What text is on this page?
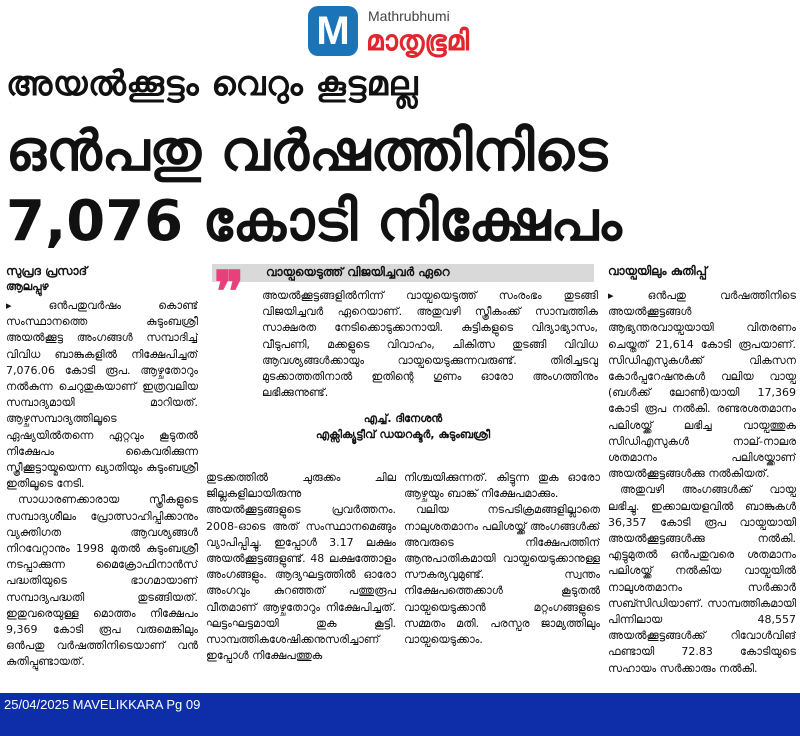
M	Mathrubhumi
മാതൃഭൂമി
അയൽക്കൂട്ടം വെറും കൂട്ടമല്ല
ഒൻപതു വർഷത്തിനിടെ
7,076 കോടി നിക്ഷേപം
സുപ്രദ പ്രസാദ്
ആലപ്പുഴ

▸ ഒൻപതുവർഷം കൊണ്ട് സംസ്ഥാനത്തെ കുടുംബശ്രീ അയൽക്കൂട്ട അംഗങ്ങൾ സമ്പാദിച്ച് വിവിധ ബാങ്കുകളിൽ നിക്ഷേപിച്ചത് 7,076.06 കോടി രൂപ. ആഴ്ചതോറും നൽകുന്ന ചെറുതുകയാണ് ഇത്രവലിയ സമ്പാദ്യമായി മാറിയത്. ആഴ്ചസമ്പാദ്യത്തിലൂടെ ഏഷ്യയിൽതന്നെ ഏറ്റവും കൂടുതൽ നിക്ഷേപം കൈവരിക്കുന്ന സ്ത്രീക്കൂട്ടായ്മയെന്ന ഖ്യാതിയും കുടുംബശ്രീ ഇതിലൂടെ നേടി.

സാധാരണക്കാരായ സ്ത്രീകളുടെ സമ്പാദ്യശീലം പ്രോത്സാഹിപ്പിക്കാനും വ്യക്തിഗത ആവശ്യങ്ങൾ നിറവേറ്റാനും 1998 മുതൽ കുടുംബശ്രീ നടപ്പാക്കുന്ന മൈക്രോഫിനാൻസ് പദ്ധതിയുടെ ഭാഗമായാണ് സമ്പാദ്യപദ്ധതി തുടങ്ങിയത്. ഇതുവരെയുള്ള മൊത്തം നിക്ഷേപം 9,369 കോടി രൂപ വരുമെങ്കിലും ഒൻപതു വർഷത്തിനിടെയാണ് വൻ കുതിപ്പുണ്ടായത്.

❞ വായ്പയെടുത്ത് വിജയിച്ചവർ ഏറെ
അയൽക്കൂട്ടങ്ങളിൽനിന്ന് വായ്പയെടുത്ത് സംരംഭം തുടങ്ങി വിജയിച്ചവർ ഏറെയാണ്. അതുവഴി സ്ത്രീകംക്ക് സാമ്പത്തിക സാക്ഷരത നേടിക്കൊടുക്കാനായി. കുട്ടികളുടെ വിദ്യാഭ്യാസം, വീടുപണി, മക്കളുടെ വിവാഹം, ചികിത്സ തുടങ്ങി വിവിധ ആവശ്യങ്ങൾക്കായും വായ്പയെടുക്കുന്നവരുണ്ട്. തിരിച്ചടവു മുടക്കാത്തതിനാൽ ഇതിന്റെ ഗുണം ഓരോ അംഗത്തിനും ലഭിക്കുന്നുണ്ട്.
എച്ച്. ദിനേശൻ
എക്സിക്യൂട്ടീവ് ഡയറക്ടർ, കുടുംബശ്രീ

തുടക്കത്തിൽ ചുരുക്കം ചില ജില്ലകളിലായിരുന്നു അയൽക്കൂട്ടങ്ങളുടെ പ്രവർത്തനം. 2008-ഓടെ അത് സംസ്ഥാനമെങ്ങും വ്യാപിപ്പിച്ചു. ഇപ്പോൾ 3.17 ലക്ഷം അയൽക്കൂട്ടങ്ങളുണ്ട്. 48 ലക്ഷത്തോളം അംഗങ്ങളും. ആദ്യഘട്ടത്തിൽ ഓരോ അംഗവും കുറഞ്ഞത് പത്തുരൂപ വീതമാണ് ആഴ്ചതോറും നിക്ഷേപിച്ചത്. ഘട്ടംഘട്ടമായി തുക കൂട്ടി. സാമ്പത്തികശേഷിക്കനുസരിച്ചാണ് ഇപ്പോൾ നിക്ഷേപത്തുക

നിശ്ചയിക്കുന്നത്. കിട്ടുന്ന തുക ഓരോ ആഴ്ചയും ബാങ്ക് നിക്ഷേപമാക്കും.

വലിയ നടപടിക്രമങ്ങളില്ലാതെ നാലുശതമാനം പലിശയ്ക്ക് അംഗങ്ങൾക്ക് അവരുടെ നിക്ഷേപത്തിന് ആനുപാതികമായി വായ്പയെടുക്കാനുള്ള സൗകര്യവുമുണ്ട്. സ്വന്തം നിക്ഷേപത്തെക്കാൾ കൂടുതൽ വായ്പയെടുക്കാൻ മറ്റംഗങ്ങളുടെ സമ്മതം മതി. പരസ്പര ജാമ്യത്തിലും വായ്പയെടുക്കാം.

വായ്പയിലും കുതിപ്പ്

▸ ഒൻപതു വർഷത്തിനിടെ അയൽക്കൂട്ടങ്ങൾ ആഭ്യന്തരവായ്പയായി വിതരണം ചെയ്തത് 21,614 കോടി രൂപയാണ്. സിഡിഎസുകൾക്ക് വികസന കോർപ്പറേഷനുകൾ വലിയ വായ്പ (ബൾക്ക് ലോൺ)യായി 17,369 കോടി രൂപ നൽകി. രണ്ടരശതമാനം പലിശയ്ക്ക് ലഭിച്ച വായ്പത്തുക സിഡിഎസുകൾ നാല്-നാലര ശതമാനം പലിശയ്ക്കാണ് അയൽക്കൂട്ടങ്ങൾക്കു നൽകിയത്.

അതുവഴി അംഗങ്ങൾക്ക് വായ്പ ലഭിച്ചു. ഇക്കാലയളവിൽ ബാങ്കുകൾ 36,357 കോടി രൂപ വായ്പയായി അയൽക്കൂട്ടങ്ങൾക്കു നൽകി. എട്ടുമുതൽ ഒൻപതുവരെ ശതമാനം പലിശയ്ക്ക് നൽകിയ വായ്പയിൽ നാലുശതമാനം സർക്കാർ സബ്സിഡിയാണ്. സാമ്പത്തികമായി പിന്നിലായ 48,557 അയൽക്കൂട്ടങ്ങൾക്ക് റിവോൾവിങ് ഫണ്ടായി 72.83 കോടിയുടെ സഹായം സർക്കാരും നൽകി.

25/04/2025 MAVELIKKARA Pg 09
